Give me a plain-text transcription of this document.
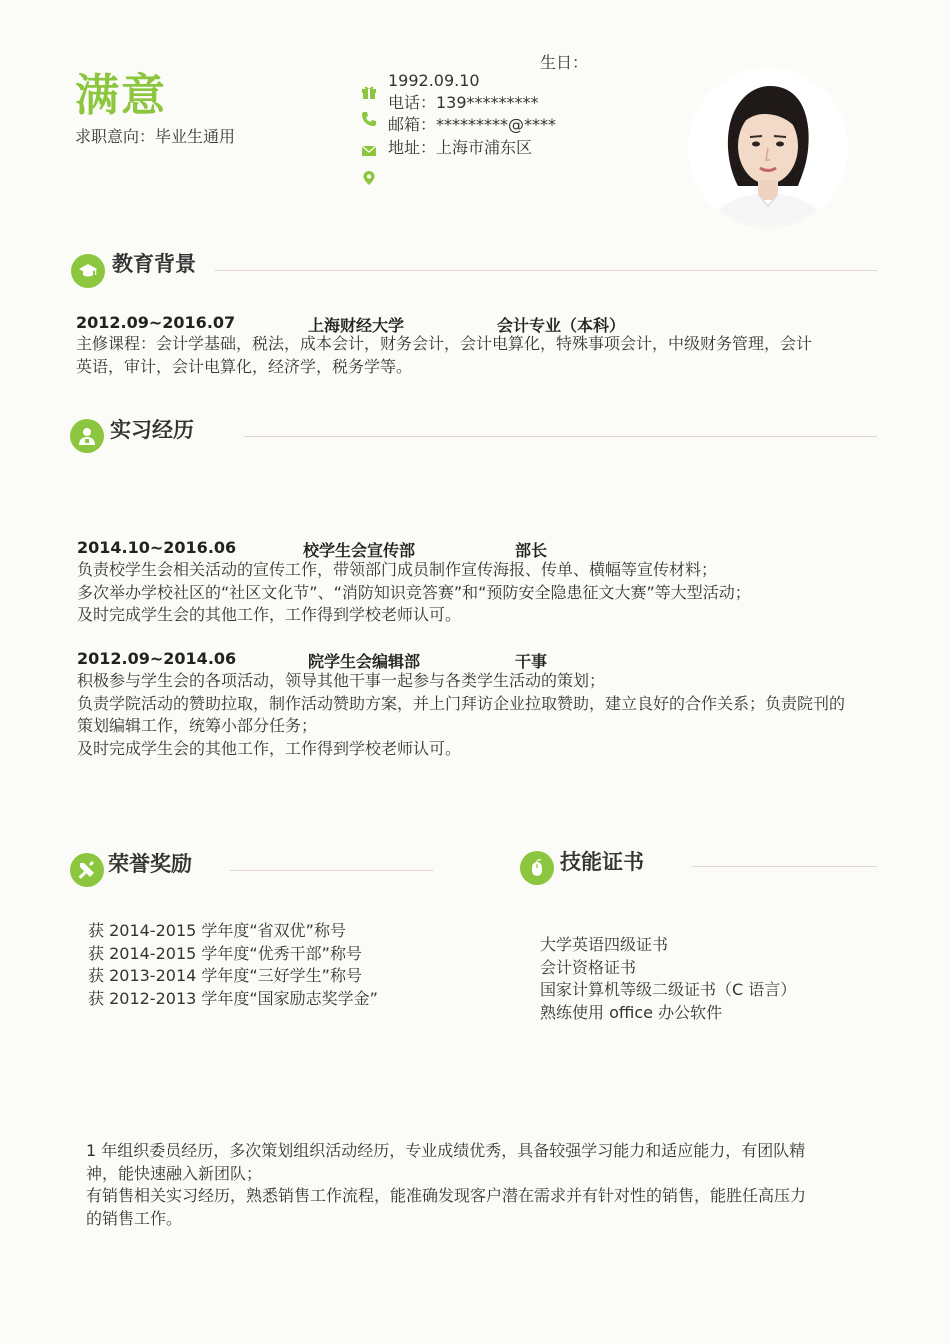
满意
求职意向：毕业生通用
生日：
1992.09.10
电话：139*********
邮箱：*********@****
地址：上海市浦东区
教育背景
2012.09~2016.07	上海财经大学	会计专业（本科）
主修课程：会计学基础，税法，成本会计，财务会计，会计电算化，特殊事项会计，中级财务管理，会计
英语，审计，会计电算化，经济学，税务学等。
实习经历
2014.10~2016.06	校学生会宣传部	部长
负责校学生会相关活动的宣传工作，带领部门成员制作宣传海报、传单、横幅等宣传材料；
多次举办学校社区的“社区文化节”、“消防知识竞答赛”和“预防安全隐患征文大赛”等大型活动；
及时完成学生会的其他工作，工作得到学校老师认可。
2012.09~2014.06	院学生会编辑部	干事
积极参与学生会的各项活动，领导其他干事一起参与各类学生活动的策划；
负责学院活动的赞助拉取，制作活动赞助方案，并上门拜访企业拉取赞助，建立良好的合作关系；负责院刊的
策划编辑工作，统筹小部分任务；
及时完成学生会的其他工作，工作得到学校老师认可。
荣誉奖励
获 2014-2015 学年度“省双优”称号
获 2014-2015 学年度“优秀干部”称号
获 2013-2014 学年度“三好学生”称号
获 2012-2013 学年度“国家励志奖学金”
技能证书
大学英语四级证书
会计资格证书
国家计算机等级二级证书（C 语言）
熟练使用 office 办公软件
1 年组织委员经历，多次策划组织活动经历，专业成绩优秀，具备较强学习能力和适应能力，有团队精
神，能快速融入新团队；
有销售相关实习经历，熟悉销售工作流程，能准确发现客户潜在需求并有针对性的销售，能胜任高压力
的销售工作。
